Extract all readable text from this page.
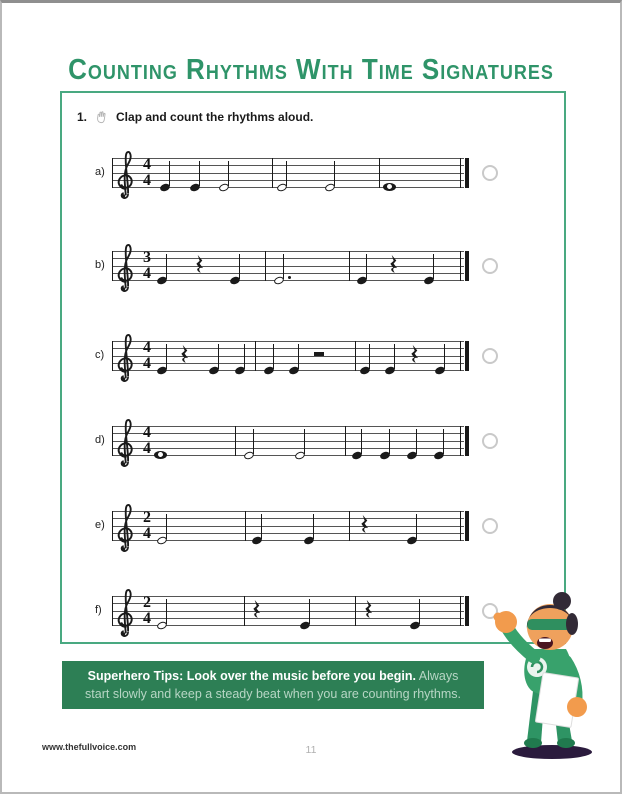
Counting Rhythms With Time Signatures
1. Clap and count the rhythms aloud.
a)	4
4
b)	3
4
c)	4
4
d)	4
4
e)	2
4
f)	2
4
Superhero Tips: Look over the music before you begin. Always start slowly and keep a steady beat when you are counting rhythms.
www.thefullvoice.com	11
